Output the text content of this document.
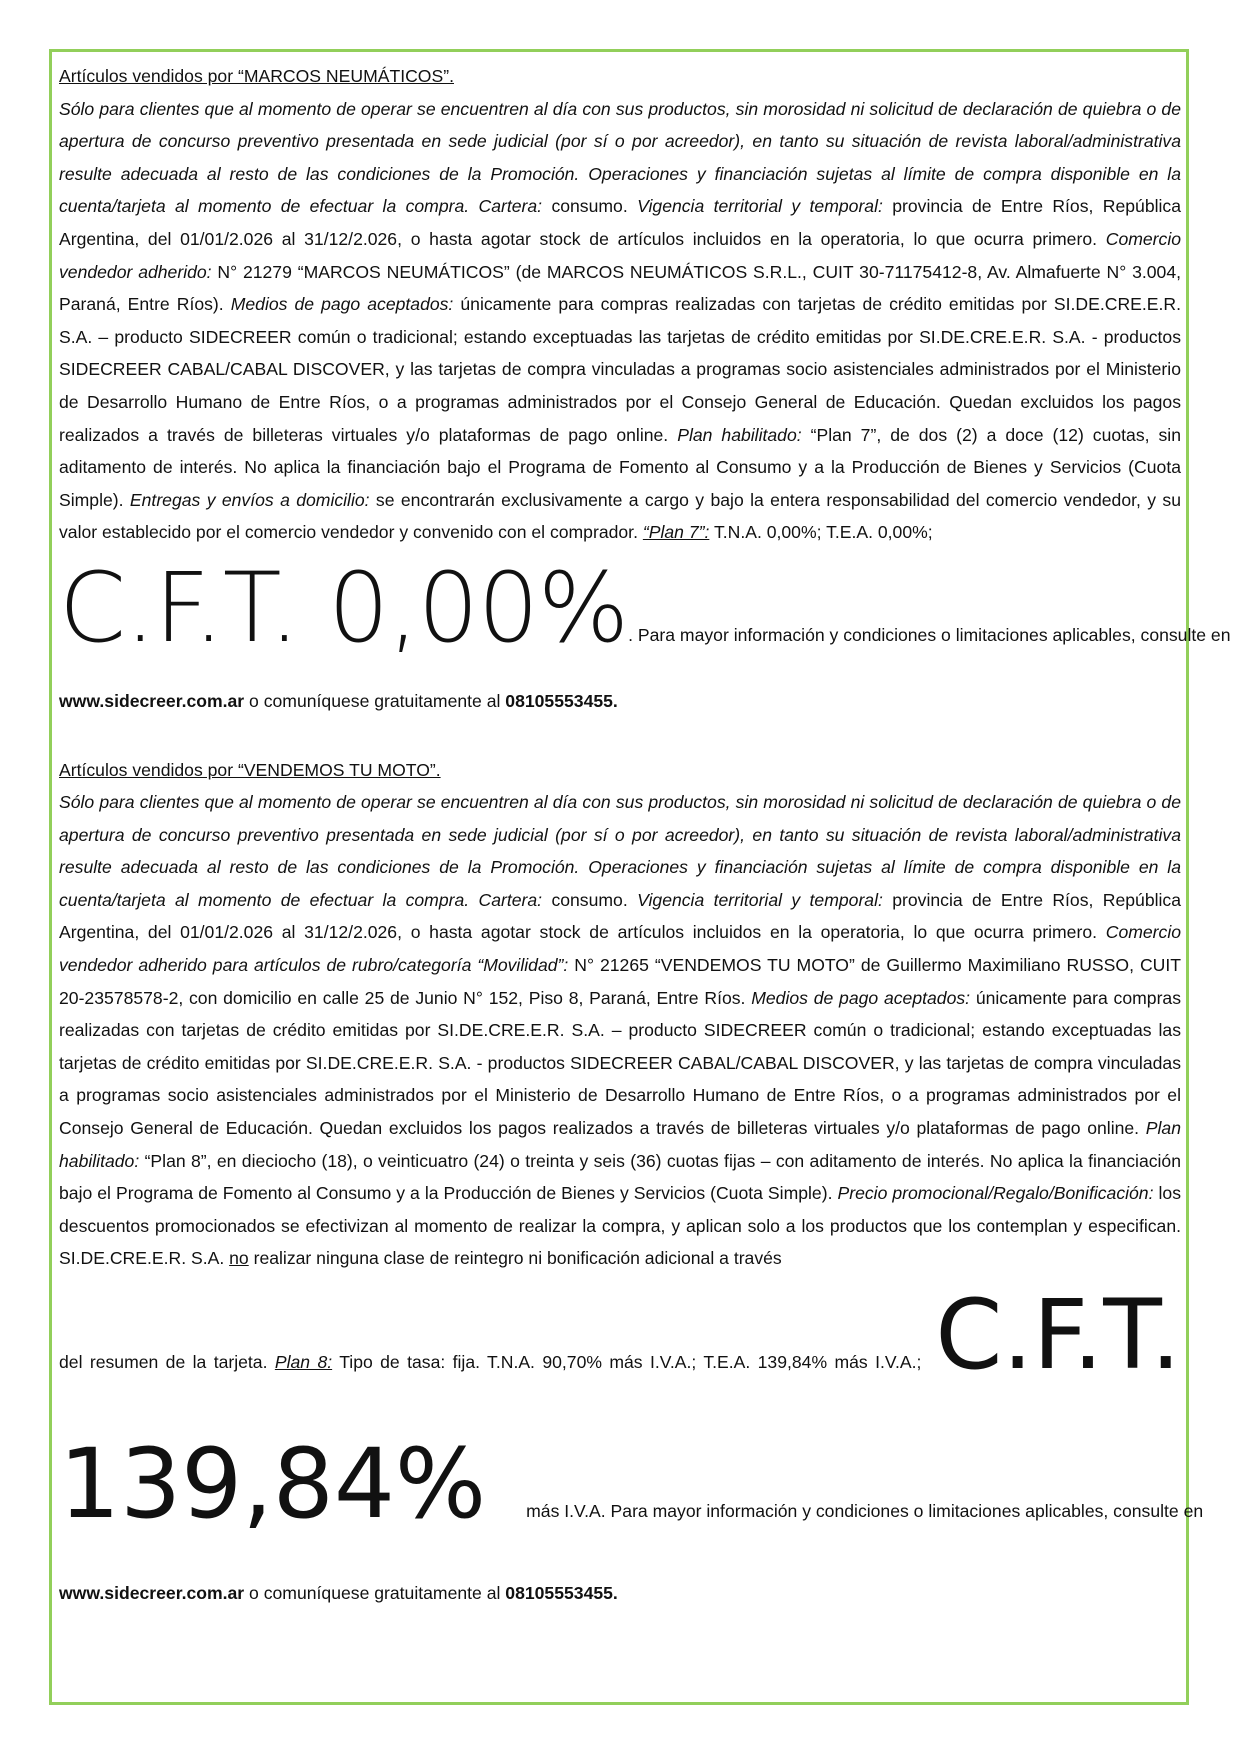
Artículos vendidos por “MARCOS NEUMÁTICOS”.

Sólo para clientes que al momento de operar se encuentren al día con sus productos, sin morosidad ni solicitud de declaración de quiebra o de apertura de concurso preventivo presentada en sede judicial (por sí o por acreedor), en tanto su situación de revista laboral/administrativa resulte adecuada al resto de las condiciones de la Promoción. Operaciones y financiación sujetas al límite de compra disponible en la cuenta/tarjeta al momento de efectuar la compra. Cartera: consumo. Vigencia territorial y temporal: provincia de Entre Ríos, República Argentina, del 01/01/2.026 al 31/12/2.026, o hasta agotar stock de artículos incluidos en la operatoria, lo que ocurra primero. Comercio vendedor adherido: N° 21279 “MARCOS NEUMÁTICOS” (de MARCOS NEUMÁTICOS S.R.L., CUIT 30-71175412-8, Av. Almafuerte N° 3.004, Paraná, Entre Ríos). Medios de pago aceptados: únicamente para compras realizadas con tarjetas de crédito emitidas por SI.DE.CRE.E.R. S.A. – producto SIDECREER común o tradicional; estando exceptuadas las tarjetas de crédito emitidas por SI.DE.CRE.E.R. S.A. - productos SIDECREER CABAL/CABAL DISCOVER, y las tarjetas de compra vinculadas a programas socio asistenciales administrados por el Ministerio de Desarrollo Humano de Entre Ríos, o a programas administrados por el Consejo General de Educación. Quedan excluidos los pagos realizados a través de billeteras virtuales y/o plataformas de pago online. Plan habilitado: “Plan 7”, de dos (2) a doce (12) cuotas, sin aditamento de interés. No aplica la financiación bajo el Programa de Fomento al Consumo y a la Producción de Bienes y Servicios (Cuota Simple). Entregas y envíos a domicilio: se encontrarán exclusivamente a cargo y bajo la entera responsabilidad del comercio vendedor, y su valor establecido por el comercio vendedor y convenido con el comprador. “Plan 7”: T.N.A. 0,00%; T.E.A. 0,00%;

C.F.T. 0,00% . Para mayor información y condiciones o limitaciones aplicables, consulte en

www.sidecreer.com.ar o comuníquese gratuitamente al 08105553455.

Artículos vendidos por “VENDEMOS TU MOTO”.

Sólo para clientes que al momento de operar se encuentren al día con sus productos, sin morosidad ni solicitud de declaración de quiebra o de apertura de concurso preventivo presentada en sede judicial (por sí o por acreedor), en tanto su situación de revista laboral/administrativa resulte adecuada al resto de las condiciones de la Promoción. Operaciones y financiación sujetas al límite de compra disponible en la cuenta/tarjeta al momento de efectuar la compra. Cartera: consumo. Vigencia territorial y temporal: provincia de Entre Ríos, República Argentina, del 01/01/2.026 al 31/12/2.026, o hasta agotar stock de artículos incluidos en la operatoria, lo que ocurra primero. Comercio vendedor adherido para artículos de rubro/categoría “Movilidad”: N° 21265 “VENDEMOS TU MOTO” de Guillermo Maximiliano RUSSO, CUIT 20-23578578-2, con domicilio en calle 25 de Junio N° 152, Piso 8, Paraná, Entre Ríos. Medios de pago aceptados: únicamente para compras realizadas con tarjetas de crédito emitidas por SI.DE.CRE.E.R. S.A. – producto SIDECREER común o tradicional; estando exceptuadas las tarjetas de crédito emitidas por SI.DE.CRE.E.R. S.A. - productos SIDECREER CABAL/CABAL DISCOVER, y las tarjetas de compra vinculadas a programas socio asistenciales administrados por el Ministerio de Desarrollo Humano de Entre Ríos, o a programas administrados por el Consejo General de Educación. Quedan excluidos los pagos realizados a través de billeteras virtuales y/o plataformas de pago online. Plan habilitado: “Plan 8”, en dieciocho (18), o veinticuatro (24) o treinta y seis (36) cuotas fijas – con aditamento de interés. No aplica la financiación bajo el Programa de Fomento al Consumo y a la Producción de Bienes y Servicios (Cuota Simple). Precio promocional/Regalo/Bonificación: los descuentos promocionados se efectivizan al momento de realizar la compra, y aplican solo a los productos que los contemplan y especifican. SI.DE.CRE.E.R. S.A. no realizar ninguna clase de reintegro ni bonificación adicional a través

del resumen de la tarjeta. Plan 8: Tipo de tasa: fija. T.N.A. 90,70% más I.V.A.; T.E.A. 139,84% más I.V.A.; C.F.T.
139,84% más I.V.A. Para mayor información y condiciones o limitaciones aplicables, consulte en

www.sidecreer.com.ar o comuníquese gratuitamente al 08105553455.
